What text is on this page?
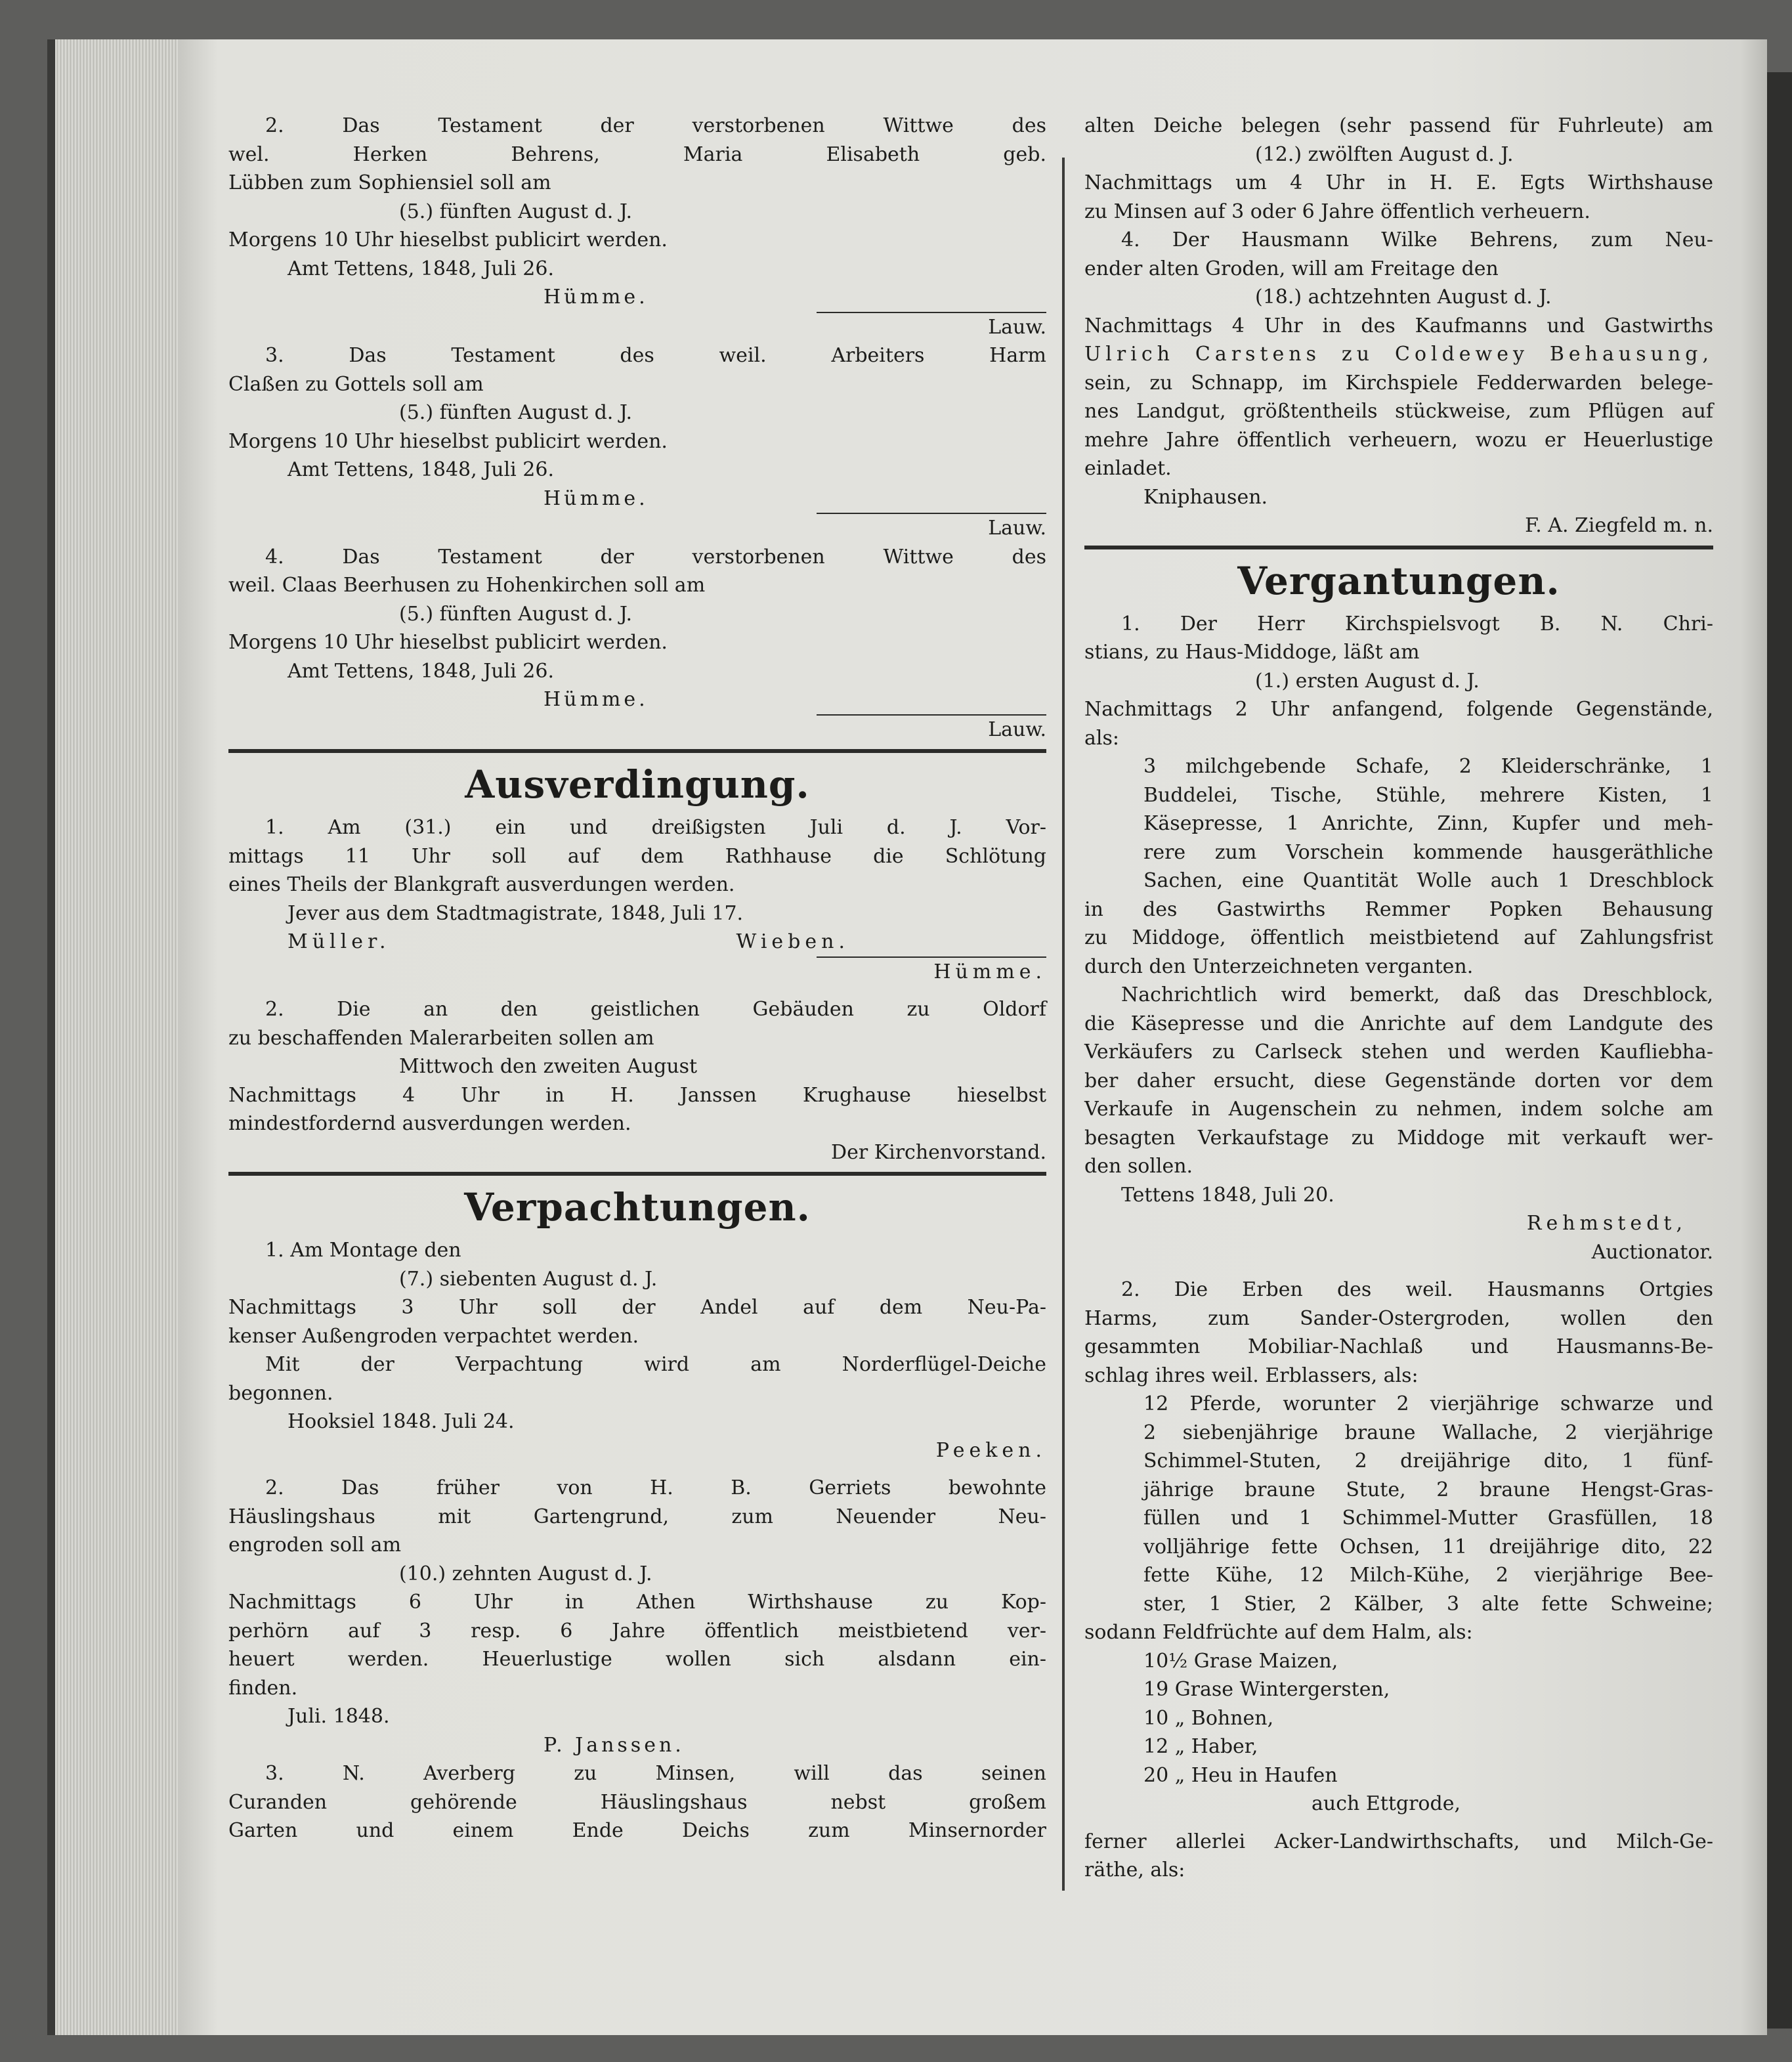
2. Das Testament der verstorbenen Wittwe des

wel. Herken Behrens, Maria Elisabeth geb.

Lübben zum Sophiensiel soll am

(5.) fünften August d. J.

Morgens 10 Uhr hieselbst publicirt werden.

Amt Tettens, 1848, Juli 26.

Hümme.

Lauw.

3. Das Testament des weil. Arbeiters Harm

Claßen zu Gottels soll am

(5.) fünften August d. J.

Morgens 10 Uhr hieselbst publicirt werden.

Amt Tettens, 1848, Juli 26.

Hümme.

Lauw.

4. Das Testament der verstorbenen Wittwe des

weil. Claas Beerhusen zu Hohenkirchen soll am

(5.) fünften August d. J.

Morgens 10 Uhr hieselbst publicirt werden.

Amt Tettens, 1848, Juli 26.

Hümme.

Lauw.

Ausverdingung.

1. Am (31.) ein und dreißigsten Juli d. J. Vor-

mittags 11 Uhr soll auf dem Rathhause die Schlötung

eines Theils der Blankgraft ausverdungen werden.

Jever aus dem Stadtmagistrate, 1848, Juli 17.

Müller.	Wieben.

Hümme.

2. Die an den geistlichen Gebäuden zu Oldorf

zu beschaffenden Malerarbeiten sollen am

Mittwoch den zweiten August

Nachmittags 4 Uhr in H. Janssen Krughause hieselbst

mindestfordernd ausverdungen werden.

Der Kirchenvorstand.

Verpachtungen.

1. Am Montage den

(7.) siebenten August d. J.

Nachmittags 3 Uhr soll der Andel auf dem Neu-Pa-

kenser Außengroden verpachtet werden.

Mit der Verpachtung wird am Norderflügel-Deiche

begonnen.

Hooksiel 1848. Juli 24.

Peeken.

2. Das früher von H. B. Gerriets bewohnte

Häuslingshaus mit Gartengrund, zum Neuender Neu-

engroden soll am

(10.) zehnten August d. J.

Nachmittags 6 Uhr in Athen Wirthshause zu Kop-

perhörn auf 3 resp. 6 Jahre öffentlich meistbietend ver-

heuert werden. Heuerlustige wollen sich alsdann ein-

finden.

Juli. 1848.

P. Janssen.

3. N. Averberg zu Minsen, will das seinen

Curanden gehörende Häuslingshaus nebst großem

Garten und einem Ende Deichs zum Minsernorder

alten Deiche belegen (sehr passend für Fuhrleute) am

(12.) zwölften August d. J.

Nachmittags um 4 Uhr in H. E. Egts Wirthshause

zu Minsen auf 3 oder 6 Jahre öffentlich verheuern.

4. Der Hausmann Wilke Behrens, zum Neu-

ender alten Groden, will am Freitage den

(18.) achtzehnten August d. J.

Nachmittags 4 Uhr in des Kaufmanns und Gastwirths

Ulrich Carstens zu Coldewey Behausung,

sein, zu Schnapp, im Kirchspiele Fedderwarden belege-

nes Landgut, größtentheils stückweise, zum Pflügen auf

mehre Jahre öffentlich verheuern, wozu er Heuerlustige

einladet.

Kniphausen.

F. A. Ziegfeld m. n.

Vergantungen.

1. Der Herr Kirchspielsvogt B. N. Chri-

stians, zu Haus-Middoge, läßt am

(1.) ersten August d. J.

Nachmittags 2 Uhr anfangend, folgende Gegenstände,

als:

3 milchgebende Schafe, 2 Kleiderschränke, 1

Buddelei, Tische, Stühle, mehrere Kisten, 1

Käsepresse, 1 Anrichte, Zinn, Kupfer und meh-

rere zum Vorschein kommende hausgeräthliche

Sachen, eine Quantität Wolle auch 1 Dreschblock

in des Gastwirths Remmer Popken Behausung

zu Middoge, öffentlich meistbietend auf Zahlungsfrist

durch den Unterzeichneten verganten.

Nachrichtlich wird bemerkt, daß das Dreschblock,

die Käsepresse und die Anrichte auf dem Landgute des

Verkäufers zu Carlseck stehen und werden Kaufliebha-

ber daher ersucht, diese Gegenstände dorten vor dem

Verkaufe in Augenschein zu nehmen, indem solche am

besagten Verkaufstage zu Middoge mit verkauft wer-

den sollen.

Tettens 1848, Juli 20.

Rehmstedt,

Auctionator.

2. Die Erben des weil. Hausmanns Ortgies

Harms, zum Sander-Ostergroden, wollen den

gesammten Mobiliar-Nachlaß und Hausmanns-Be-

schlag ihres weil. Erblassers, als:

12 Pferde, worunter 2 vierjährige schwarze und

2 siebenjährige braune Wallache, 2 vierjährige

Schimmel-Stuten, 2 dreijährige dito, 1 fünf-

jährige braune Stute, 2 braune Hengst-Gras-

füllen und 1 Schimmel-Mutter Grasfüllen, 18

volljährige fette Ochsen, 11 dreijährige dito, 22

fette Kühe, 12 Milch-Kühe, 2 vierjährige Bee-

ster, 1 Stier, 2 Kälber, 3 alte fette Schweine;

sodann Feldfrüchte auf dem Halm, als:

10½ Grase Maizen,

19 Grase Wintergersten,

10 „ Bohnen,

12 „ Haber,

20 „ Heu in Haufen

auch Ettgrode,

ferner allerlei Acker-Landwirthschafts, und Milch-Ge-

räthe, als:
